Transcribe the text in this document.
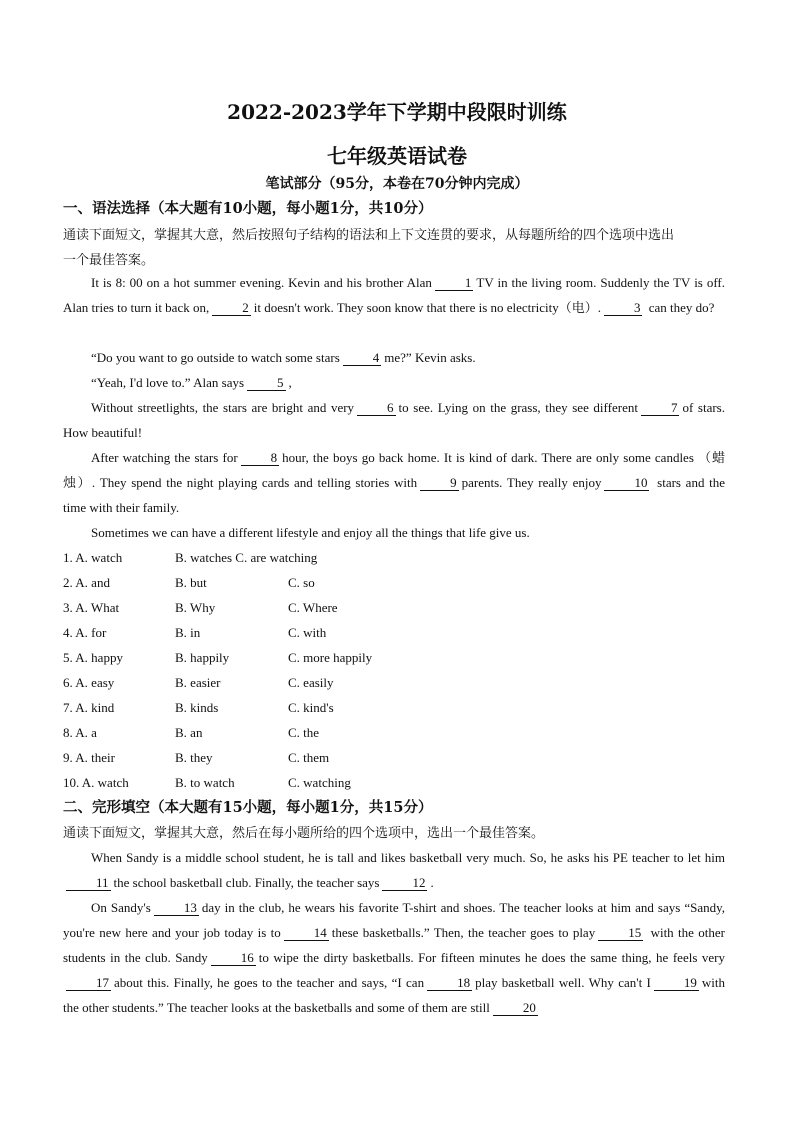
2022-2023学年下学期中段限时训练
七年级英语试卷
笔试部分（95分，本卷在70分钟内完成）
一、语法选择（本大题有10小题，每小题1分，共10分）
通读下面短文，掌握其大意，然后按照句子结构的语法和上下文连贯的要求，从每题所给的四个选项中选出
一个最佳答案。
It is 8: 00 on a hot summer evening. Kevin and his brother Alan	1 TV in the living room. Suddenly the TV is off. Alan tries to turn it back on,	2 it doesn't work. They soon know that there is no electricity（电）.	3 can they do?
“Do you want to go outside to watch some stars	4 me?” Kevin asks.
“Yeah, I'd love to.” Alan says	5 ,
Without streetlights, the stars are bright and very	6 to see. Lying on the grass, they see different	7 of stars. How beautiful!
After watching the stars for	8 hour, the boys go back home. It is kind of dark. There are only some candles （蜡烛）. They spend the night playing cards and telling stories with	9 parents. They really enjoy	10 stars and the time with their family.
Sometimes we can have a different lifestyle and enjoy all the things that life give us.
1. A. watch	B. watches C. are watching
2. A. and	B. but	C. so
3. A. What	B. Why	C. Where
4. A. for	B. in	C. with
5. A. happy	B. happily	C. more happily
6. A. easy	B. easier	C. easily
7. A. kind	B. kinds	C. kind's
8. A. a	B. an	C. the
9. A. their	B. they	C. them
10. A. watch	B. to watch	C. watching
二、完形填空（本大题有15小题，每小题1分，共15分）
通读下面短文，掌握其大意，然后在每小题所给的四个选项中，选出一个最佳答案。
When Sandy is a middle school student, he is tall and likes basketball very much. So, he asks his PE teacher to let him11 the school basketball club. Finally, the teacher says	12 .
On Sandy's	13 day in the club, he wears his favorite T-shirt and shoes. The teacher looks at him and says “Sandy, you're new here and your job today is to	14 these basketballs.” Then, the teacher goes to play	15 with the other students in the club. Sandy	16 to wipe the dirty basketballs. For fifteen minutes he does the same thing, he feels very17 about this. Finally, he goes to the teacher and says, “I can	18 play basketball well. Why can't I	19 with the other students.” The teacher looks at the basketballs and some of them are still	20
